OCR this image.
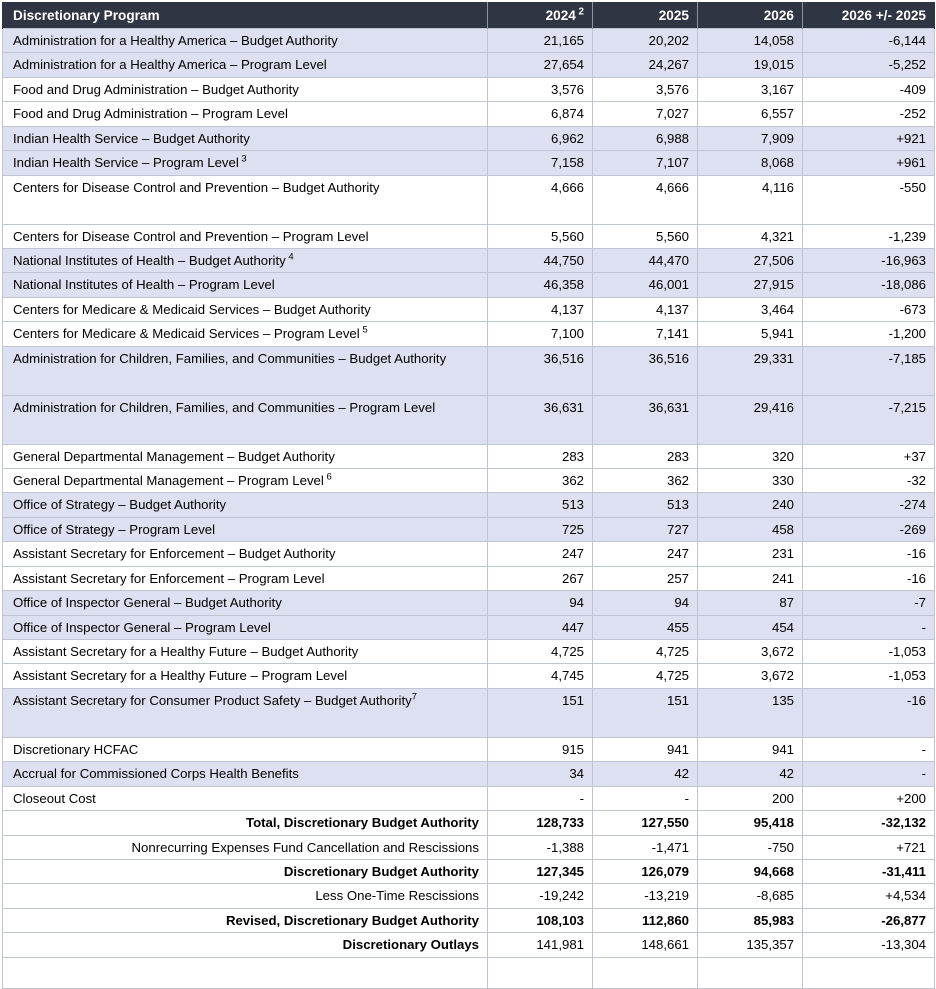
Discretionary Program	2024 $^2$	2025	2026	2026 +/- 2025
Administration for a Healthy America – Budget Authority	21,165	20,202	14,058	-6,144
Administration for a Healthy America – Program Level	27,654	24,267	19,015	-5,252
Food and Drug Administration – Budget Authority	3,576	3,576	3,167	-409
Food and Drug Administration – Program Level	6,874	7,027	6,557	-252
Indian Health Service – Budget Authority	6,962	6,988	7,909	+921
Indian Health Service – Program Level $^3$	7,158	7,107	8,068	+961
Centers for Disease Control and Prevention – Budget Authority	4,666	4,666	4,116	-550
Centers for Disease Control and Prevention – Program Level	5,560	5,560	4,321	-1,239
National Institutes of Health – Budget Authority $^4$	44,750	44,470	27,506	-16,963
National Institutes of Health – Program Level	46,358	46,001	27,915	-18,086
Centers for Medicare & Medicaid Services – Budget Authority	4,137	4,137	3,464	-673
Centers for Medicare & Medicaid Services – Program Level $^5$	7,100	7,141	5,941	-1,200
Administration for Children, Families, and Communities – Budget Authority	36,516	36,516	29,331	-7,185
Administration for Children, Families, and Communities – Program Level	36,631	36,631	29,416	-7,215
General Departmental Management – Budget Authority	283	283	320	+37
General Departmental Management – Program Level $^6$	362	362	330	-32
Office of Strategy – Budget Authority	513	513	240	-274
Office of Strategy – Program Level	725	727	458	-269
Assistant Secretary for Enforcement – Budget Authority	247	247	231	-16
Assistant Secretary for Enforcement – Program Level	267	257	241	-16
Office of Inspector General – Budget Authority	94	94	87	-7
Office of Inspector General – Program Level	447	455	454	-
Assistant Secretary for a Healthy Future – Budget Authority	4,725	4,725	3,672	-1,053
Assistant Secretary for a Healthy Future – Program Level	4,745	4,725	3,672	-1,053
Assistant Secretary for Consumer Product Safety – Budget Authority$^7$	151	151	135	-16
Discretionary HCFAC	915	941	941	-
Accrual for Commissioned Corps Health Benefits	34	42	42	-
Closeout Cost	-	-	200	+200
Total, Discretionary Budget Authority	128,733	127,550	95,418	-32,132
Nonrecurring Expenses Fund Cancellation and Rescissions	-1,388	-1,471	-750	+721
Discretionary Budget Authority	127,345	126,079	94,668	-31,411
Less One-Time Rescissions	-19,242	-13,219	-8,685	+4,534
Revised, Discretionary Budget Authority	108,103	112,860	85,983	-26,877
Discretionary Outlays	141,981	148,661	135,357	-13,304
